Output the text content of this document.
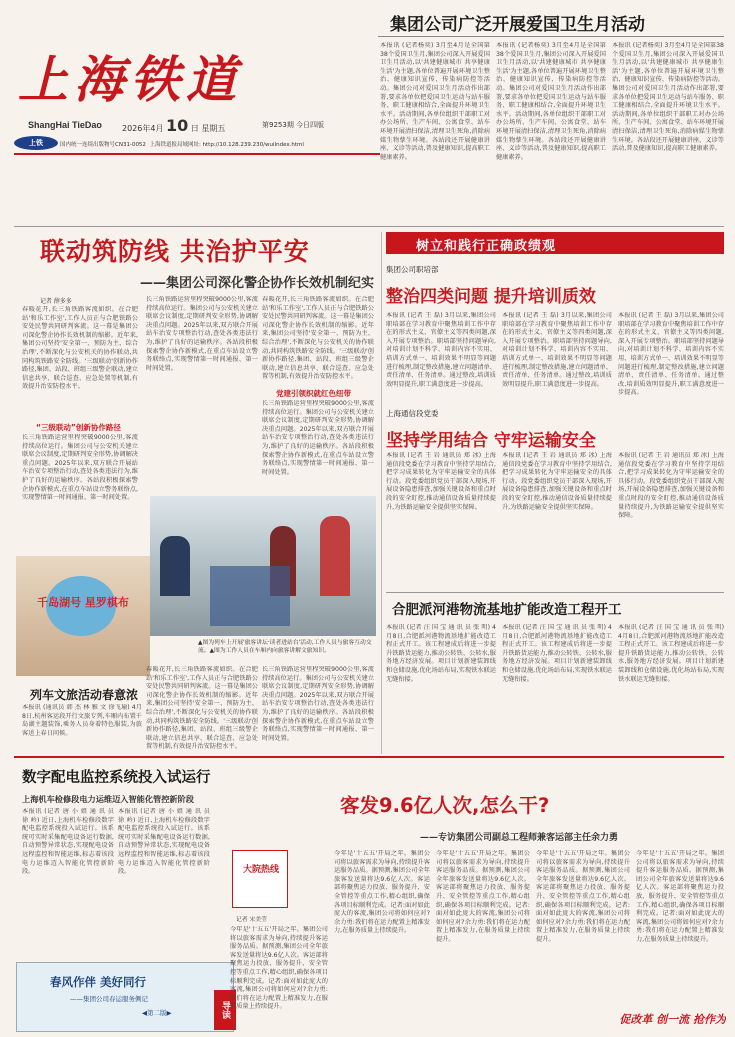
上海铁道
ShangHai TieDao	2026年4月 10 日 星期五	第9253期 今日四版
上铁	国内统一连续出版物号CN31-0052 上海铁道报局域网址: http://10.128.239.230/wuiIndex.html
集团公司广泛开展爱国卫生月活动
本报讯 (记者杨奕) 3月至4月是全国第38个爱国卫生月,集团公司深入开展爱国卫生月活动,以'共建健康城市 共享健康生活'为主题,各单位普遍开展环境卫生整治、健康知识宣传、传染病防控等活动。集团公司对爱国卫生月活动作出部署,要求各单位把爱国卫生运动与站车服务、职工健康相结合,全面提升环境卫生水平。活动期间,各单位组织干部职工对办公场所、生产车间、公寓食堂、站车环境开展清扫保洁,清理卫生死角,消除病媒生物孳生环境。各站段还开展健康讲座、义诊等活动,普及健康知识,提高职工健康素养。
本报讯 (记者杨奕) 3月至4月是全国第38个爱国卫生月,集团公司深入开展爱国卫生月活动,以'共建健康城市 共享健康生活'为主题,各单位普遍开展环境卫生整治、健康知识宣传、传染病防控等活动。集团公司对爱国卫生月活动作出部署,要求各单位把爱国卫生运动与站车服务、职工健康相结合,全面提升环境卫生水平。活动期间,各单位组织干部职工对办公场所、生产车间、公寓食堂、站车环境开展清扫保洁,清理卫生死角,消除病媒生物孳生环境。各站段还开展健康讲座、义诊等活动,普及健康知识,提高职工健康素养。
本报讯 (记者杨奕) 3月至4月是全国第38个爱国卫生月,集团公司深入开展爱国卫生月活动,以'共建健康城市 共享健康生活'为主题,各单位普遍开展环境卫生整治、健康知识宣传、传染病防控等活动。集团公司对爱国卫生月活动作出部署,要求各单位把爱国卫生运动与站车服务、职工健康相结合,全面提升环境卫生水平。活动期间,各单位组织干部职工对办公场所、生产车间、公寓食堂、站车环境开展清扫保洁,清理卫生死角,消除病媒生物孳生环境。各站段还开展健康讲座、义诊等活动,普及健康知识,提高职工健康素养。
联动筑防线 共治护平安
——集团公司深化警企协作长效机制纪实
记者 薛多多
春暖花开,长三角铁路客流如织。在合肥站'和乐工作室',工作人员正与合肥铁路公安处民警共同研判客流。这一幕是集团公司深化警企协作长效机制的缩影。近年来,集团公司坚持'安全第一、预防为主、综合治理',不断深化与公安机关的协作联动,共同构筑铁路安全防线。'三级联动'创新协作路径,集团、站段、班组三级警企联动,建立信息共享、联合巡查、应急处置等机制,有效提升治安防控水平。
“三级联动”创新协作路径
长三角铁路运营里程突破9000公里,客流持续高位运行。集团公司与公安机关建立联席会议制度,定期研判安全形势,协调解决重点问题。2025年以来,双方联合开展站车治安专项整治行动,查处各类违法行为,维护了良好的运输秩序。各站段积极探索警企协作新模式,在重点车站设立警务联络点,实现警情第一时间通报、第一时间处置。
长三角铁路运营里程突破9000公里,客流持续高位运行。集团公司与公安机关建立联席会议制度,定期研判安全形势,协调解决重点问题。2025年以来,双方联合开展站车治安专项整治行动,查处各类违法行为,维护了良好的运输秩序。各站段积极探索警企协作新模式,在重点车站设立警务联络点,实现警情第一时间通报、第一时间处置。
春暖花开,长三角铁路客流如织。在合肥站'和乐工作室',工作人员正与合肥铁路公安处民警共同研判客流。这一幕是集团公司深化警企协作长效机制的缩影。近年来,集团公司坚持'安全第一、预防为主、综合治理',不断深化与公安机关的协作联动,共同构筑铁路安全防线。'三级联动'创新协作路径,集团、站段、班组三级警企联动,建立信息共享、联合巡查、应急处置等机制,有效提升治安防控水平。
党建引领织就红色纽带
长三角铁路运营里程突破9000公里,客流持续高位运行。集团公司与公安机关建立联席会议制度,定期研判安全形势,协调解决重点问题。2025年以来,双方联合开展站车治安专项整治行动,查处各类违法行为,维护了良好的运输秩序。各站段积极探索警企协作新模式,在重点车站设立警务联络点,实现警情第一时间通报、第一时间处置。
千岛湖号 星罗棋布
▲图为列车上开展'旅客讲坛·读者进站台'活动,工作人员与旅客互动交流。▲图为工作人员在车厢内向旅客讲解文旅知识。
列车文旅活动春意浓
本报讯 (通讯员 韩 杰 林 雅 文 徐飞瑜) 4月8日,杭州客运段开行文旅专列,车厢内布置千岛湖主题装饰,乘务人员身着特色服装,为旅客送上春日问候。
春暖花开,长三角铁路客流如织。在合肥站'和乐工作室',工作人员正与合肥铁路公安处民警共同研判客流。这一幕是集团公司深化警企协作长效机制的缩影。近年来,集团公司坚持'安全第一、预防为主、综合治理',不断深化与公安机关的协作联动,共同构筑铁路安全防线。'三级联动'创新协作路径,集团、站段、班组三级警企联动,建立信息共享、联合巡查、应急处置等机制,有效提升治安防控水平。
长三角铁路运营里程突破9000公里,客流持续高位运行。集团公司与公安机关建立联席会议制度,定期研判安全形势,协调解决重点问题。2025年以来,双方联合开展站车治安专项整治行动,查处各类违法行为,维护了良好的运输秩序。各站段积极探索警企协作新模式,在重点车站设立警务联络点,实现警情第一时间通报、第一时间处置。
树立和践行正确政绩观
集团公司职培部
整治四类问题 提升培训质效
本报讯 (记者 王 磊) 3月以来,集团公司职培部在学习教育中聚焦培训工作中存在的形式主义、官僚主义等四类问题,深入开展专项整治。职培部坚持问题导向,对培训计划不科学、培训内容不实用、培训方式单一、培训效果不明显等问题进行梳理,制定整改措施,建立问题清单、责任清单、任务清单。通过整改,培训质效明显提升,职工满意度进一步提高。
本报讯 (记者 王 磊) 3月以来,集团公司职培部在学习教育中聚焦培训工作中存在的形式主义、官僚主义等四类问题,深入开展专项整治。职培部坚持问题导向,对培训计划不科学、培训内容不实用、培训方式单一、培训效果不明显等问题进行梳理,制定整改措施,建立问题清单、责任清单、任务清单。通过整改,培训质效明显提升,职工满意度进一步提高。
本报讯 (记者 王 磊) 3月以来,集团公司职培部在学习教育中聚焦培训工作中存在的形式主义、官僚主义等四类问题,深入开展专项整治。职培部坚持问题导向,对培训计划不科学、培训内容不实用、培训方式单一、培训效果不明显等问题进行梳理,制定整改措施,建立问题清单、责任清单、任务清单。通过整改,培训质效明显提升,职工满意度进一步提高。
上海通信段党委
坚持学用结合 守牢运输安全
本报讯 (记者 王 岩 通讯员 郑 冰) 上海通信段党委在学习教育中坚持学用结合,把学习成果转化为守牢运输安全的具体行动。段党委组织党员干部深入现场,开展设备隐患排查,加强关键设备和重点时段的安全盯控,推动通信设备质量持续提升,为铁路运输安全提供坚实保障。
本报讯 (记者 王 岩 通讯员 郑 冰) 上海通信段党委在学习教育中坚持学用结合,把学习成果转化为守牢运输安全的具体行动。段党委组织党员干部深入现场,开展设备隐患排查,加强关键设备和重点时段的安全盯控,推动通信设备质量持续提升,为铁路运输安全提供坚实保障。
本报讯 (记者 王 岩 通讯员 郑 冰) 上海通信段党委在学习教育中坚持学用结合,把学习成果转化为守牢运输安全的具体行动。段党委组织党员干部深入现场,开展设备隐患排查,加强关键设备和重点时段的安全盯控,推动通信设备质量持续提升,为铁路运输安全提供坚实保障。
合肥派河港物流基地扩能改造工程开工
本报讯 (记者 汪 国 宝 通 讯 员 张 明) 4月8日,合肥派河港物流基地扩能改造工程正式开工。该工程建成后将进一步提升铁路货运能力,推动公转铁、公转水,服务地方经济发展。项目计划新建装卸线和仓储设施,优化场站布局,实现铁水联运无缝衔接。
本报讯 (记者 汪 国 宝 通 讯 员 张 明) 4月8日,合肥派河港物流基地扩能改造工程正式开工。该工程建成后将进一步提升铁路货运能力,推动公转铁、公转水,服务地方经济发展。项目计划新建装卸线和仓储设施,优化场站布局,实现铁水联运无缝衔接。
本报讯 (记者 汪 国 宝 通 讯 员 张 明) 4月8日,合肥派河港物流基地扩能改造工程正式开工。该工程建成后将进一步提升铁路货运能力,推动公转铁、公转水,服务地方经济发展。项目计划新建装卸线和仓储设施,优化场站布局,实现铁水联运无缝衔接。
数字配电监控系统投入试运行
上海机车检修段电力运维迈入智能化管控新阶段
本报讯 (记者 唐 小 姐 通 讯 员 徐 岭) 近日,上海机车检修段数字配电监控系统投入试运行。该系统可实时采集配电设备运行数据,自动预警异常状态,实现配电设备远程监控和智能运维,标志着该段电力运维迈入智能化管控新阶段。
本报讯 (记者 唐 小 姐 通 讯 员 徐 岭) 近日,上海机车检修段数字配电监控系统投入试运行。该系统可实时采集配电设备运行数据,自动预警异常状态,实现配电设备远程监控和智能运维,标志着该段电力运维迈入智能化管控新阶段。
春风作伴 美好同行
——集团公司春运服务侧记
◀第二版▶	导读
客发9.6亿人次,怎么干?
——专访集团公司副总工程师兼客运部主任余力勇
大院热线
记者 宋美莹
今年是'十五五'开局之年。集团公司将以旅客需求为导向,持续提升客运服务品质。据预测,集团公司全年旅客发送量将达9.6亿人次。客运部将聚焦运力投放、服务提升、安全管控等重点工作,精心组织,确保各项目标顺利完成。记者:面对如此庞大的客流,集团公司将如何应对?余力勇:我们将在运力配置上精准发力,在服务质量上持续提升。
今年是'十五五'开局之年。集团公司将以旅客需求为导向,持续提升客运服务品质。据预测,集团公司全年旅客发送量将达9.6亿人次。客运部将聚焦运力投放、服务提升、安全管控等重点工作,精心组织,确保各项目标顺利完成。记者:面对如此庞大的客流,集团公司将如何应对?余力勇:我们将在运力配置上精准发力,在服务质量上持续提升。
今年是'十五五'开局之年。集团公司将以旅客需求为导向,持续提升客运服务品质。据预测,集团公司全年旅客发送量将达9.6亿人次。客运部将聚焦运力投放、服务提升、安全管控等重点工作,精心组织,确保各项目标顺利完成。记者:面对如此庞大的客流,集团公司将如何应对?余力勇:我们将在运力配置上精准发力,在服务质量上持续提升。
今年是'十五五'开局之年。集团公司将以旅客需求为导向,持续提升客运服务品质。据预测,集团公司全年旅客发送量将达9.6亿人次。客运部将聚焦运力投放、服务提升、安全管控等重点工作,精心组织,确保各项目标顺利完成。记者:面对如此庞大的客流,集团公司将如何应对?余力勇:我们将在运力配置上精准发力,在服务质量上持续提升。
今年是'十五五'开局之年。集团公司将以旅客需求为导向,持续提升客运服务品质。据预测,集团公司全年旅客发送量将达9.6亿人次。客运部将聚焦运力投放、服务提升、安全管控等重点工作,精心组织,确保各项目标顺利完成。记者:面对如此庞大的客流,集团公司将如何应对?余力勇:我们将在运力配置上精准发力,在服务质量上持续提升。
促改革 创一流 抢作为
